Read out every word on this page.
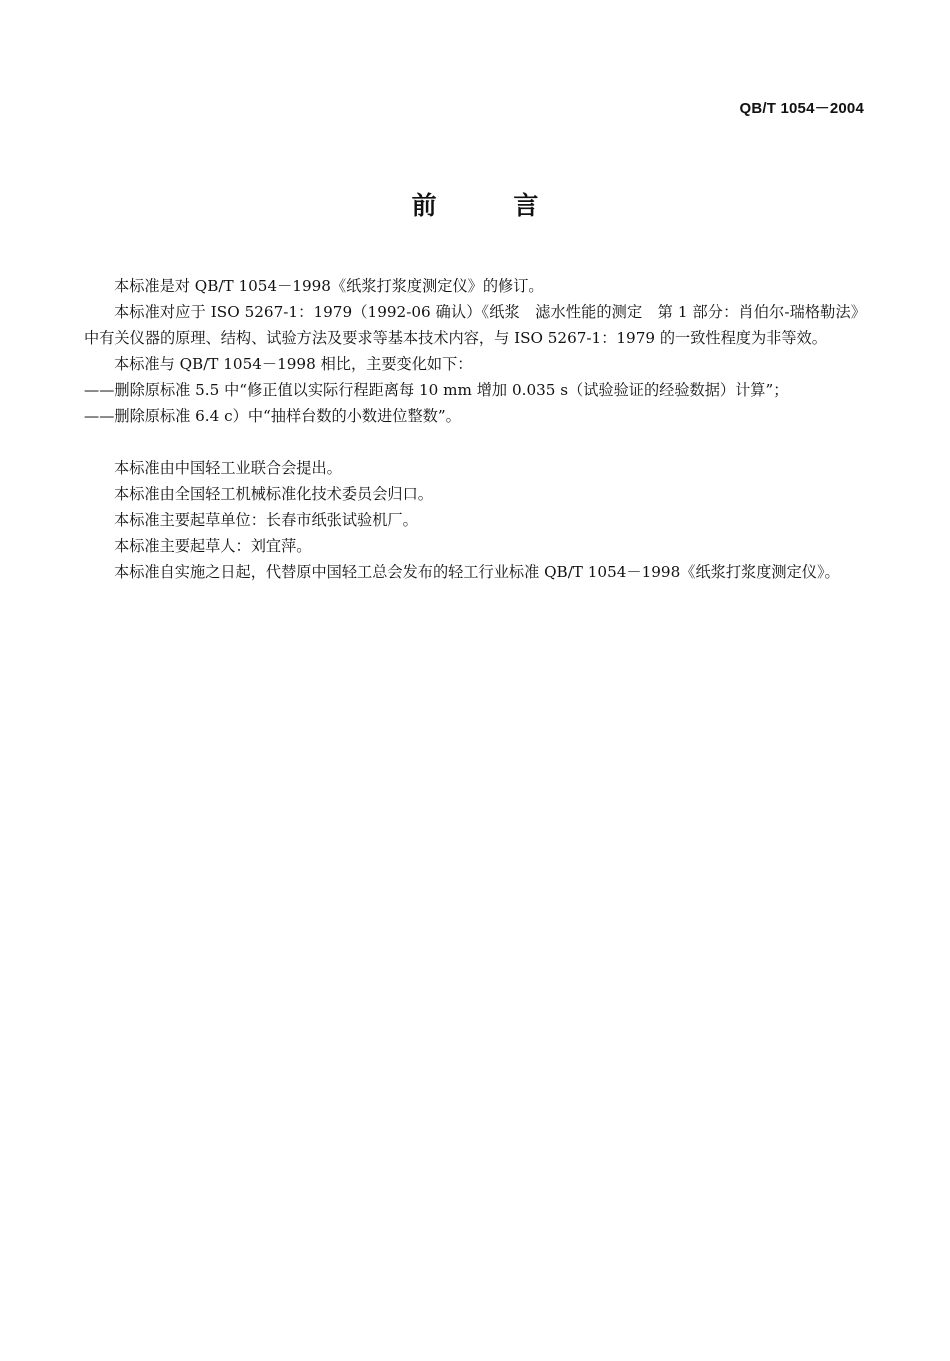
QB/T 1054－2004
前 言

本标准是对 QB/T 1054－1998《纸浆打浆度测定仪》的修订。

本标准对应于 ISO 5267-1：1979（1992-06 确认）《纸浆　滤水性能的测定　第 1 部分：肖伯尔-瑞格勒法》中有关仪器的原理、结构、试验方法及要求等基本技术内容，与 ISO 5267-1：1979 的一致性程度为非等效。

本标准与 QB/T 1054－1998 相比，主要变化如下：

——删除原标准 5.5 中“修正值以实际行程距离每 10 mm 增加 0.035 s（试验验证的经验数据）计算”；

——删除原标准 6.4 c）中“抽样台数的小数进位整数”。

本标准由中国轻工业联合会提出。

本标准由全国轻工机械标准化技术委员会归口。

本标准主要起草单位：长春市纸张试验机厂。

本标准主要起草人：刘宜萍。

本标准自实施之日起，代替原中国轻工总会发布的轻工行业标准 QB/T 1054－1998《纸浆打浆度测定仪》。
